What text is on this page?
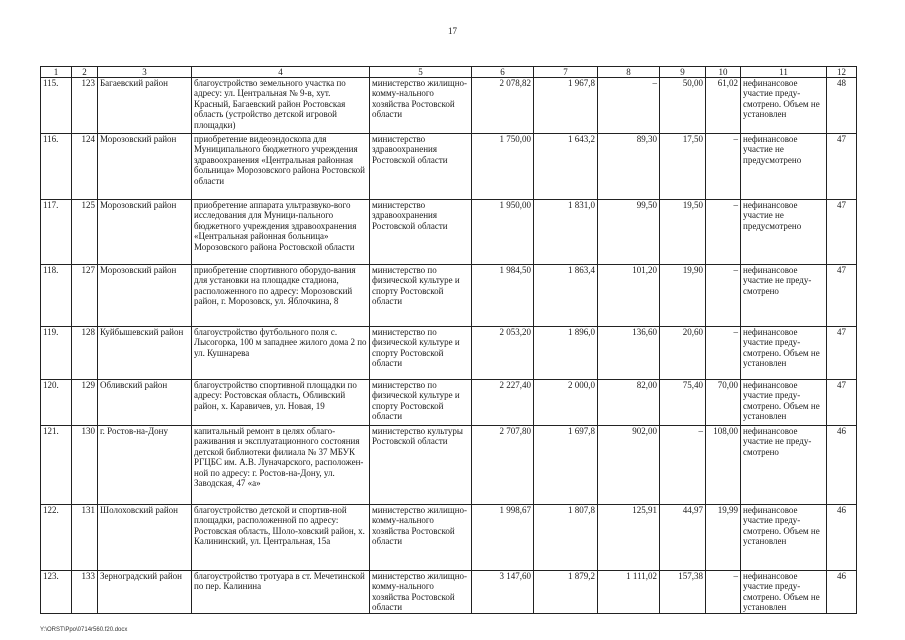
17
1	2	3	4	5	6	7	8	9	10	11	12
115.	123	Багаевский район	благоустройство земельного участка по адресу: ул. Центральная № 9-в, хут. Красный, Багаевский район Ростовская область (устройство детской игровой площадки)	министерство жилищно-комму-нального хозяйства Ростовской области	2 078,82	1 967,8	–	50,00	61,02	нефинансовое участие преду-смотрено. Объем не установлен	48
116.	124	Морозовский район	приобретение видеоэндоскопа для Муниципального бюджетного учреждения здравоохранения «Центральная районная больница» Морозовского района Ростовской области	министерство здравоохранения Ростовской области	1 750,00	1 643,2	89,30	17,50	–	нефинансовое участие не предусмотрено	47
117.	125	Морозовский район	приобретение аппарата ультразвуко-вого исследования для Муници-пального бюджетного учреждения здравоохранения «Центральная районная больница» Морозовского района Ростовской области	министерство здравоохранения Ростовской области	1 950,00	1 831,0	99,50	19,50	–	нефинансовое участие не предусмотрено	47
118.	127	Морозовский район	приобретение спортивного оборудо-вания для установки на площадке стадиона, расположенного по адресу: Морозовский район, г. Морозовск, ул. Яблочкина, 8	министерство по физической культуре и спорту Ростовской области	1 984,50	1 863,4	101,20	19,90	–	нефинансовое участие не преду-смотрено	47
119.	128	Куйбышевский район	благоустройство футбольного поля с. Лысогорка, 100 м западнее жилого дома 2 по ул. Кушнарева	министерство по физической культуре и спорту Ростовской области	2 053,20	1 896,0	136,60	20,60	–	нефинансовое участие преду-смотрено. Объем не установлен	47
120.	129	Обливский район	благоустройство спортивной площадки по адресу: Ростовская область, Обливский район, х. Каравичев, ул. Новая, 19	министерство по физической культуре и спорту Ростовской области	2 227,40	2 000,0	82,00	75,40	70,00	нефинансовое участие преду-смотрено. Объем не установлен	47
121.	130	г. Ростов-на-Дону	капитальный ремонт в целях облаго-раживания и эксплуатационного состояния детской библиотеки филиала № 37 МБУК РГЦБС им. А.В. Луначарского, расположен-ной по адресу: г. Ростов-на-Дону, ул. Заводская, 47 «а»	министерство культуры Ростовской области	2 707,80	1 697,8	902,00	–	108,00	нефинансовое участие не преду-смотрено	46
122.	131	Шолоховский район	благоустройство детской и спортив-ной площадки, расположенной по адресу: Ростовская область, Шоло-ховский район, х. Калининский, ул. Центральная, 15а	министерство жилищно-комму-нального хозяйства Ростовской области	1 998,67	1 807,8	125,91	44,97	19,99	нефинансовое участие преду-смотрено. Объем не установлен	46
123.	133	Зерноградский район	благоустройство тротуара в ст. Мечетинской по пер. Калинина	министерство жилищно-комму-нального хозяйства Ростовской области	3 147,60	1 879,2	1 111,02	157,38	–	нефинансовое участие преду-смотрено. Объем не установлен	46
Y:\ORST\Ppo\0714r560.f20.docx
